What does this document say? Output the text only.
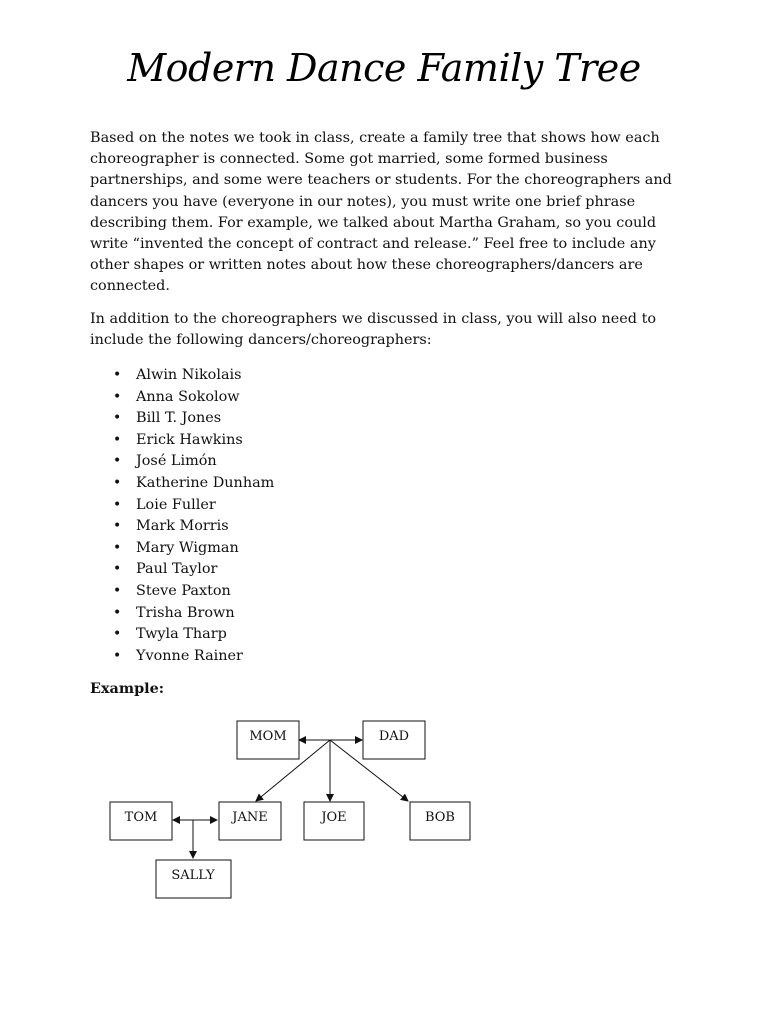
Modern Dance Family Tree

Based on the notes we took in class, create a family tree that shows how each choreographer is connected. Some got married, some formed business partnerships, and some were teachers or students. For the choreographers and dancers you have (everyone in our notes), you must write one brief phrase describing them. For example, we talked about Martha Graham, so you could write “invented the concept of contract and release.” Feel free to include any other shapes or written notes about how these choreographers/dancers are connected.

In addition to the choreographers we discussed in class, you will also need to include the following dancers/choreographers:

• Alwin Nikolais
• Anna Sokolow
• Bill T. Jones
• Erick Hawkins
• José Limón
• Katherine Dunham
• Loie Fuller
• Mark Morris
• Mary Wigman
• Paul Taylor
• Steve Paxton
• Trisha Brown
• Twyla Tharp
• Yvonne Rainer

Example:

MOM	DAD
TOM	JANE	JOE	BOB
SALLY
